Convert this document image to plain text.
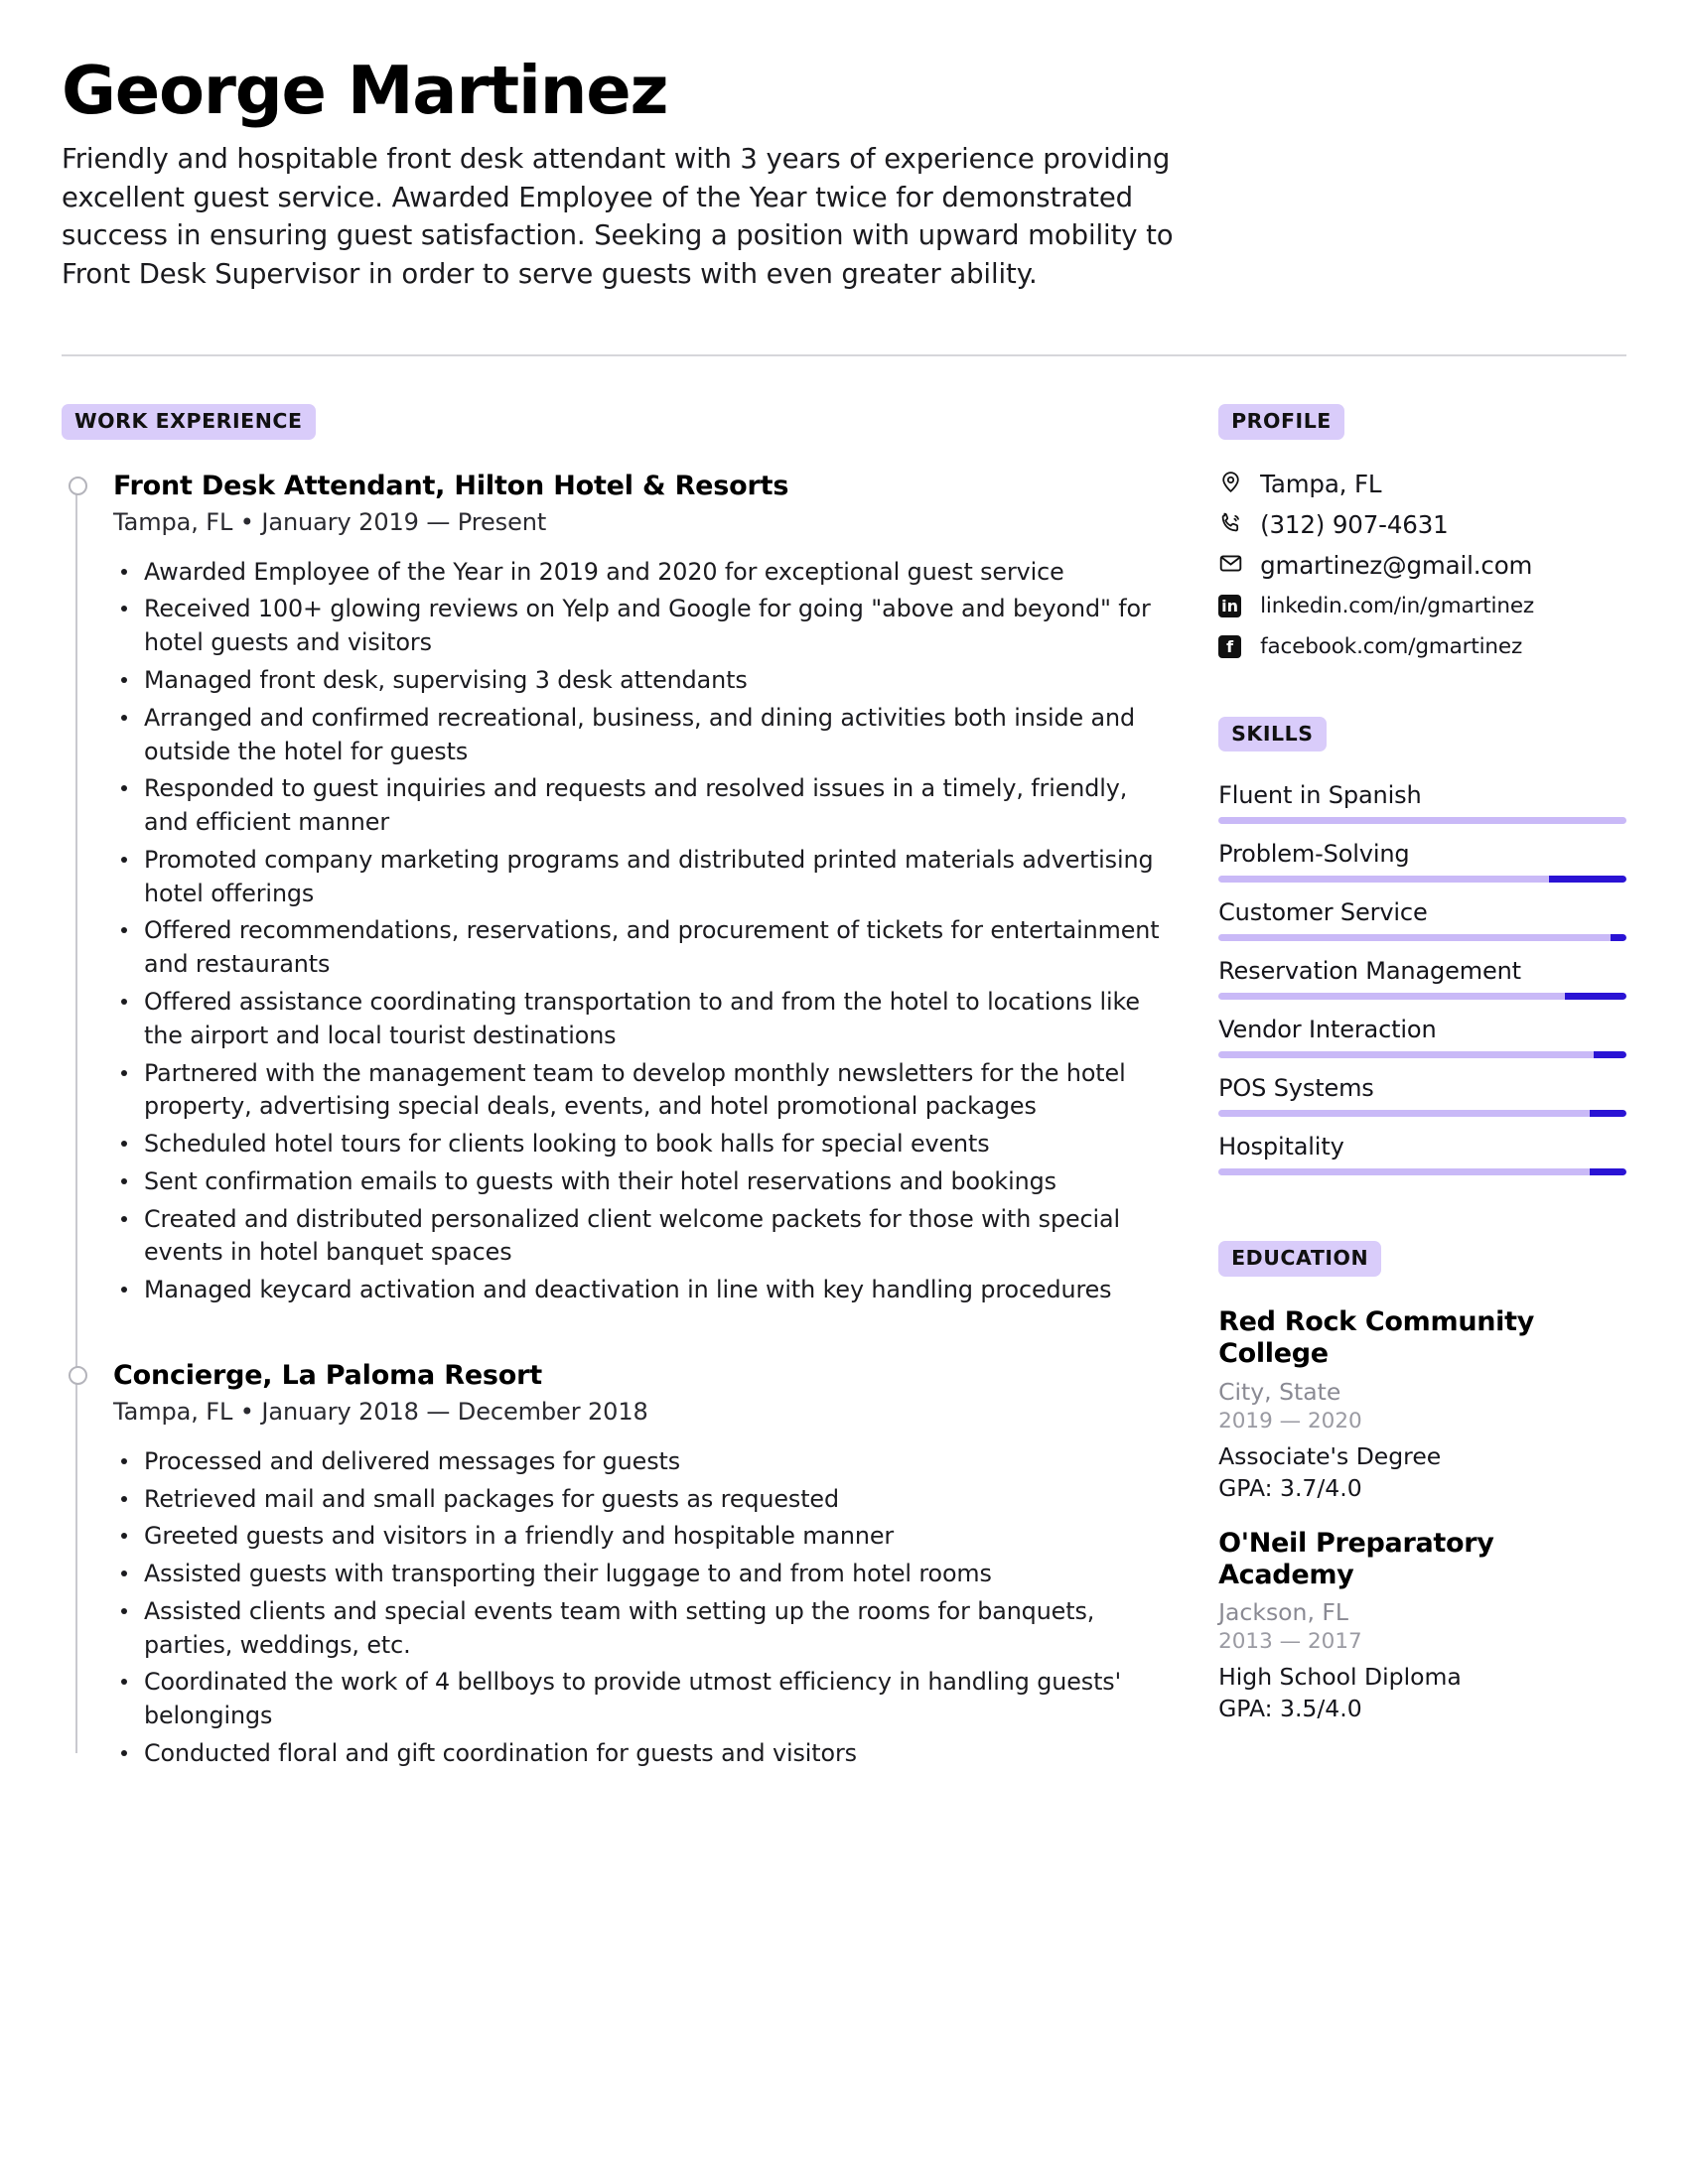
George Martinez
Friendly and hospitable front desk attendant with 3 years of experience providing excellent guest service. Awarded Employee of the Year twice for demonstrated success in ensuring guest satisfaction. Seeking a position with upward mobility to Front Desk Supervisor in order to serve guests with even greater ability.
WORK EXPERIENCE
Front Desk Attendant, Hilton Hotel & Resorts
Tampa, FL • January 2019 — Present
Awarded Employee of the Year in 2019 and 2020 for exceptional guest service
Received 100+ glowing reviews on Yelp and Google for going "above and beyond" for hotel guests and visitors
Managed front desk, supervising 3 desk attendants
Arranged and confirmed recreational, business, and dining activities both inside and outside the hotel for guests
Responded to guest inquiries and requests and resolved issues in a timely, friendly, and efficient manner
Promoted company marketing programs and distributed printed materials advertising hotel offerings
Offered recommendations, reservations, and procurement of tickets for entertainment and restaurants
Offered assistance coordinating transportation to and from the hotel to locations like the airport and local tourist destinations
Partnered with the management team to develop monthly newsletters for the hotel property, advertising special deals, events, and hotel promotional packages
Scheduled hotel tours for clients looking to book halls for special events
Sent confirmation emails to guests with their hotel reservations and bookings
Created and distributed personalized client welcome packets for those with special events in hotel banquet spaces
Managed keycard activation and deactivation in line with key handling procedures
Concierge, La Paloma Resort
Tampa, FL • January 2018 — December 2018
Processed and delivered messages for guests
Retrieved mail and small packages for guests as requested
Greeted guests and visitors in a friendly and hospitable manner
Assisted guests with transporting their luggage to and from hotel rooms
Assisted clients and special events team with setting up the rooms for banquets, parties, weddings, etc.
Coordinated the work of 4 bellboys to provide utmost efficiency in handling guests' belongings
Conducted floral and gift coordination for guests and visitors
PROFILE
Tampa, FL
(312) 907-4631
gmartinez@gmail.com
in linkedin.com/in/gmartinez
f facebook.com/gmartinez
SKILLS
Fluent in Spanish
Problem-Solving
Customer Service
Reservation Management
Vendor Interaction
POS Systems
Hospitality
EDUCATION
Red Rock Community College
City, State
2019 — 2020
Associate's Degree
GPA: 3.7/4.0
O'Neil Preparatory Academy
Jackson, FL
2013 — 2017
High School Diploma
GPA: 3.5/4.0
